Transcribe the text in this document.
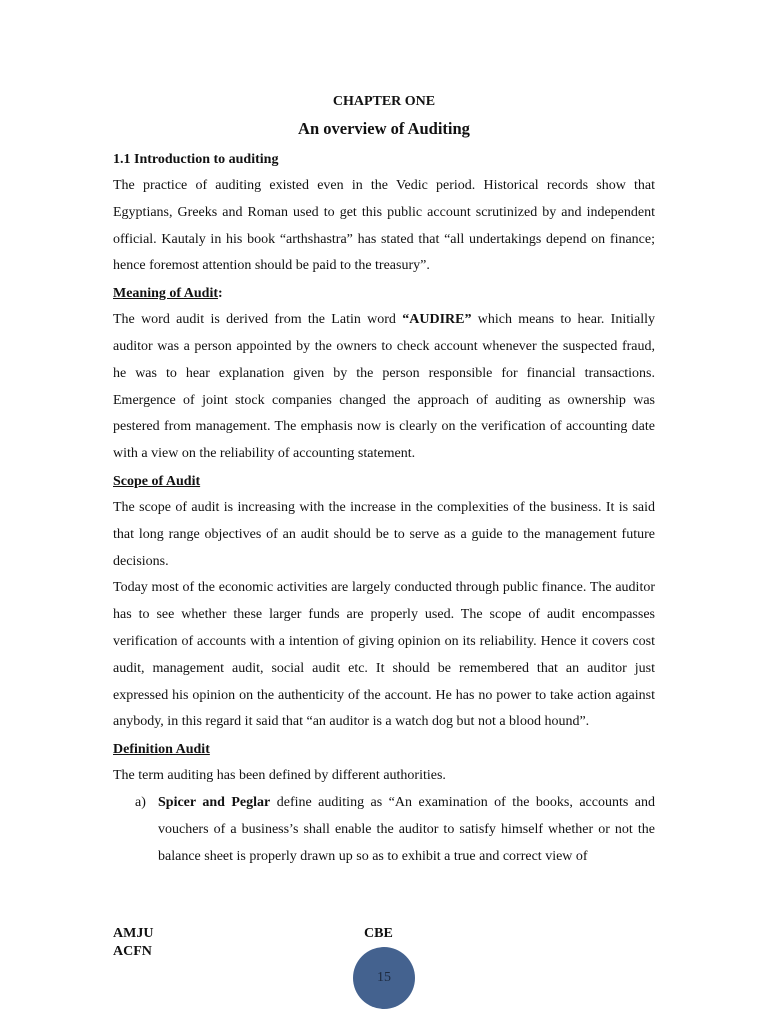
CHAPTER ONE
An overview of Auditing
1.1 Introduction to auditing

The practice of auditing existed even in the Vedic period. Historical records show that Egyptians, Greeks and Roman used to get this public account scrutinized by and independent official. Kautaly in his book “arthshastra” has stated that “all undertakings depend on finance; hence foremost attention should be paid to the treasury”.

Meaning of Audit:

The word audit is derived from the Latin word “AUDIRE” which means to hear. Initially auditor was a person appointed by the owners to check account whenever the suspected fraud, he was to hear explanation given by the person responsible for financial transactions. Emergence of joint stock companies changed the approach of auditing as ownership was pestered from management. The emphasis now is clearly on the verification of accounting date with a view on the reliability of accounting statement.

Scope of Audit

The scope of audit is increasing with the increase in the complexities of the business. It is said that long range objectives of an audit should be to serve as a guide to the management future decisions.

Today most of the economic activities are largely conducted through public finance. The auditor has to see whether these larger funds are properly used. The scope of audit encompasses verification of accounts with a intention of giving opinion on its reliability. Hence it covers cost audit, management audit, social audit etc. It should be remembered that an auditor just expressed his opinion on the authenticity of the account. He has no power to take action against anybody, in this regard it said that “an auditor is a watch dog but not a blood hound”.

Definition Audit

The term auditing has been defined by different authorities.

a) Spicer and Peglar define auditing as “An examination of the books, accounts and vouchers of a business’s shall enable the auditor to satisfy himself whether or not the balance sheet is properly drawn up so as to exhibit a true and correct view of
AMJU
ACFN
CBE
15
